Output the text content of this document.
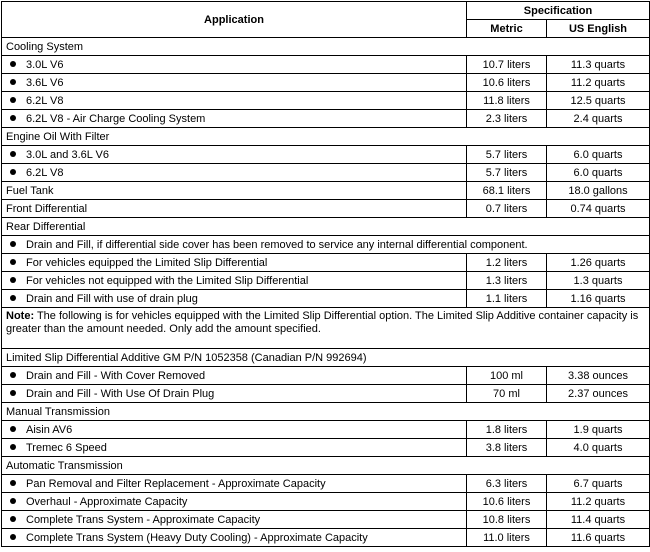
Application	Specification	
	Metric	US English
Cooling System		
3.0L V6	10.7 liters	11.3 quarts
3.6L V6	10.6 liters	11.2 quarts
6.2L V8	11.8 liters	12.5 quarts
6.2L V8 - Air Charge Cooling System	2.3 liters	2.4 quarts
Engine Oil With Filter		
3.0L and 3.6L V6	5.7 liters	6.0 quarts
6.2L V8	5.7 liters	6.0 quarts
Fuel Tank	68.1 liters	18.0 gallons
Front Differential	0.7 liters	0.74 quarts
Rear Differential		
Drain and Fill, if differential side cover has been removed to service any internal differential component.		
For vehicles equipped the Limited Slip Differential	1.2 liters	1.26 quarts
For vehicles not equipped with the Limited Slip Differential	1.3 liters	1.3 quarts
Drain and Fill with use of drain plug	1.1 liters	1.16 quarts
Note: The following is for vehicles equipped with the Limited Slip Differential option. The Limited Slip Additive container capacity is greater than the amount needed. Only add the amount specified.		
Limited Slip Differential Additive GM P/N 1052358 (Canadian P/N 992694)		
Drain and Fill - With Cover Removed	100 ml	3.38 ounces
Drain and Fill - With Use Of Drain Plug	70 ml	2.37 ounces
Manual Transmission		
Aisin AV6	1.8 liters	1.9 quarts
Tremec 6 Speed	3.8 liters	4.0 quarts
Automatic Transmission		
Pan Removal and Filter Replacement - Approximate Capacity	6.3 liters	6.7 quarts
Overhaul - Approximate Capacity	10.6 liters	11.2 quarts
Complete Trans System - Approximate Capacity	10.8 liters	11.4 quarts
Complete Trans System (Heavy Duty Cooling) - Approximate Capacity	11.0 liters	11.6 quarts
